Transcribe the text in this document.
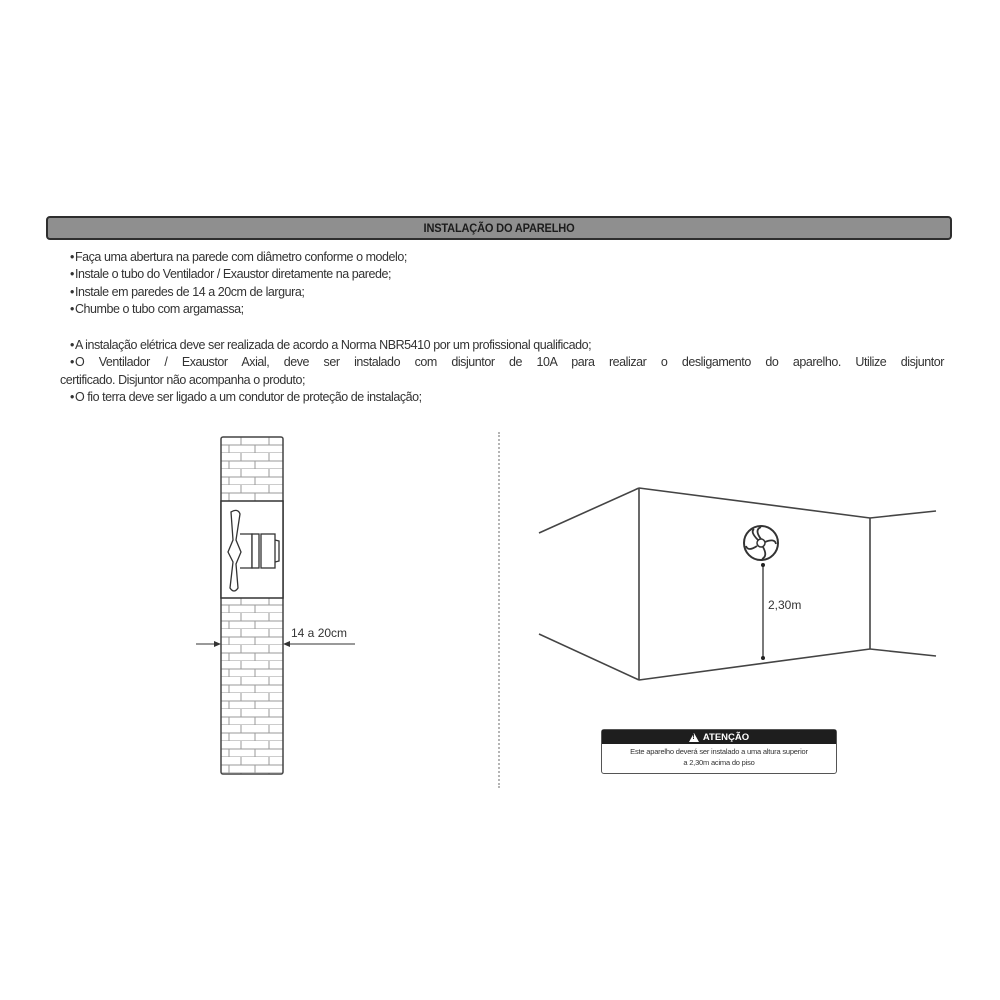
INSTALAÇÃO DO APARELHO
• Faça uma abertura na parede com diâmetro conforme o modelo;
• Instale o tubo do Ventilador / Exaustor diretamente na parede;
• Instale em paredes de 14 a 20cm de largura;
• Chumbe o tubo com argamassa;
• A instalação elétrica deve ser realizada de acordo a Norma NBR5410 por um profissional qualificado;
• O Ventilador / Exaustor Axial, deve ser instalado com disjuntor de 10A para realizar o desligamento do aparelho. Utilize disjuntor
certificado. Disjuntor não acompanha o produto;
• O fio terra deve ser ligado a um condutor de proteção de instalação;
14 a 20cm
2,30m
!
ATENÇÃO
Este aparelho deverá ser instalado a uma altura superior
a 2,30m acima do piso
